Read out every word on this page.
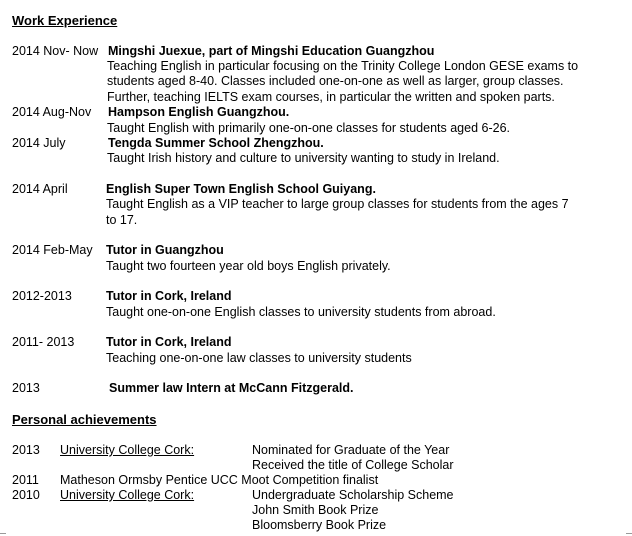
Work Experience
2014 Nov- Now Mingshi Juexue, part of Mingshi Education Guangzhou
Teaching English in particular focusing on the Trinity College London GESE exams to
students aged 8-40. Classes included one-on-one as well as larger, group classes.
Further, teaching IELTS exam courses, in particular the written and spoken parts.
2014 Aug-Nov Hampson English Guangzhou.
Taught English with primarily one-on-one classes for students aged 6-26.
2014 July	Tengda Summer School Zhengzhou.
Taught Irish history and culture to university wanting to study in Ireland.
2014 April	English Super Town English School Guiyang.
Taught English as a VIP teacher to large group classes for students from the ages 7
to 17.
2014 Feb-May Tutor in Guangzhou
Taught two fourteen year old boys English privately.
2012-2013	Tutor in Cork, Ireland
Taught one-on-one English classes to university students from abroad.
2011- 2013	Tutor in Cork, Ireland
Teaching one-on-one law classes to university students
2013	Summer law Intern at McCann Fitzgerald.
Personal achievements
2013 University College Cork:	Nominated for Graduate of the Year
Received the title of College Scholar
2011 Matheson Ormsby Pentice UCC Moot Competition finalist
2010 University College Cork:	Undergraduate Scholarship Scheme
John Smith Book Prize
Bloomsberry Book Prize
